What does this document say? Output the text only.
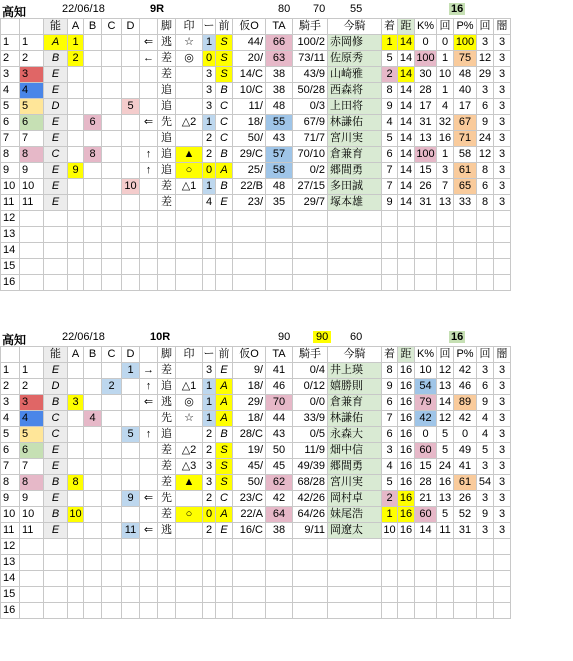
高知	22/06/18	9R	80 70 55	16
		能	A	B	C	D		脚	印	ー	前	仮O	TA	騎手	今騎	着	距	K%	回	P%	回	闇
1	1	A	1				⇐	逃	☆	1	S	44/	66	100/2	赤岡修	1	14	0	0	100	3	3
2	2	B	2				←	差	◎	0	S	20/	63	73/11	佐原秀	5	14	100	1	75	12	3
3	3	E						差		3	S	14/C	38	43/9	山崎雅	2	14	30	10	48	29	3
4	4	E						追		3	B	10/C	38	50/28	西森将	8	14	28	1	40	3	3
5	5	D				5		追		3	C	11/	48	0/3	上田将	9	14	17	4	17	6	3
6	6	E		6			⇐	先	△2	1	C	18/	55	67/9	林謙佑	4	14	31	32	67	9	3
7	7	E						追		2	C	50/	43	71/7	宮川実	5	14	13	16	71	24	3
8	8	C		8			↑	追	▲	2	B	29/C	57	70/10	倉兼育	6	14	100	1	58	12	3
9	9	E	9				↑	追	○	0	A	25/	58	0/2	郷間勇	7	14	15	3	61	8	3
10	10	E				10		差	△1	1	B	22/B	48	27/15	多田誠	7	14	26	7	65	6	3
11	11	E						差		4	E	23/	35	29/7	塚本雄	9	14	31	13	33	8	3
12																						
13																						
14																						
15																						
16																						
高知	22/06/18	10R	90 90 60	16
		能	A	B	C	D		脚	印	ー	前	仮O	TA	騎手	今騎	着	距	K%	回	P%	回	闇
1	1	E				1	→	差		3	E	9/	41	0/4	井上瑛	8	16	10	12	42	3	3
2	2	D			2		↑	追	△1	1	A	18/	46	0/12	嬉勝則	9	16	54	13	46	6	3
3	3	B	3				⇐	逃	◎	1	A	29/	70	0/0	倉兼育	6	16	79	14	89	9	3
4	4	C		4				先	☆	1	A	18/	44	33/9	林謙佑	7	16	42	12	42	4	3
5	5	C				5	↑	追		2	B	28/C	43	0/5	永森大	6	16	0	5	0	4	3
6	6	E						差	△2	2	S	19/	50	11/9	畑中信	3	16	60	5	49	5	3
7	7	E						差	△3	3	S	45/	45	49/39	郷間勇	4	16	15	24	41	3	3
8	8	B	8					差	▲	3	S	50/	62	68/28	宮川実	5	16	28	16	61	54	3
9	9	E				9	⇐	先		2	C	23/C	42	42/26	岡村卓	2	16	21	13	26	3	3
10	10	B	10					差	○	0	A	22/A	64	64/26	妹尾浩	1	16	60	5	52	9	3
11	11	E				11	⇐	逃		2	E	16/C	38	9/11	岡遼太	10	16	14	11	31	3	3
12																						
13																						
14																						
15																						
16																						
